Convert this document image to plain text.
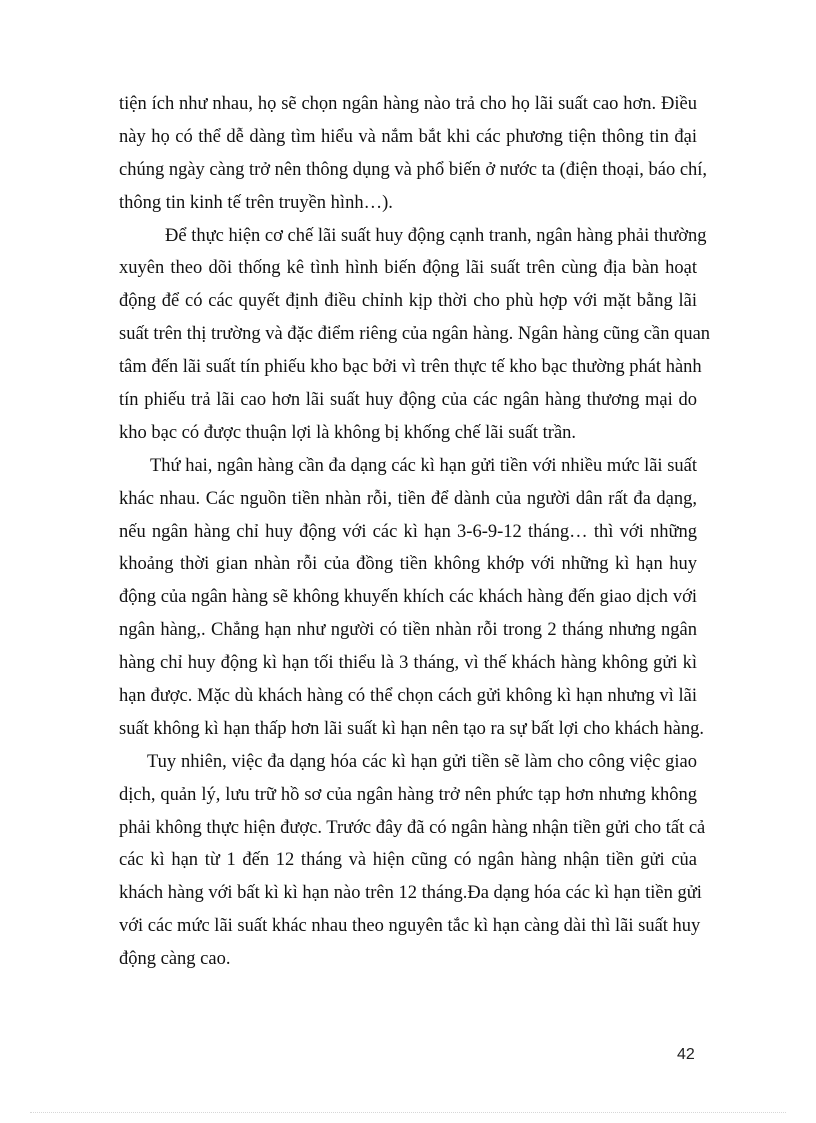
tiện ích như nhau, họ sẽ chọn ngân hàng nào trả cho họ lãi suất cao hơn. Điều
này họ có thể dễ dàng tìm hiểu và nắm bắt khi các phương tiện thông tin đại
chúng ngày càng trở nên thông dụng và phổ biến ở nước ta (điện thoại, báo chí,
thông tin kinh tế trên truyền hình…).
Để thực hiện cơ chế lãi suất huy động cạnh tranh, ngân hàng phải thường
xuyên theo dõi thống kê tình hình biến động lãi suất trên cùng địa bàn hoạt
động để có các quyết định điều chỉnh kịp thời cho phù hợp với mặt bằng lãi
suất trên thị trường và đặc điểm riêng của ngân hàng. Ngân hàng cũng cần quan
tâm đến lãi suất tín phiếu kho bạc bởi vì trên thực tế kho bạc thường phát hành
tín phiếu trả lãi cao hơn lãi suất huy động của các ngân hàng thương mại do
kho bạc có được thuận lợi là không bị khống chế lãi suất trần.
Thứ hai, ngân hàng cần đa dạng các kì hạn gửi tiền với nhiều mức lãi suất
khác nhau. Các nguồn tiền nhàn rỗi, tiền để dành của người dân rất đa dạng,
nếu ngân hàng chỉ huy động với các kì hạn 3-6-9-12 tháng… thì với những
khoảng thời gian nhàn rỗi của đồng tiền không khớp với những kì hạn huy
động của ngân hàng sẽ không khuyến khích các khách hàng đến giao dịch với
ngân hàng,. Chẳng hạn như người có tiền nhàn rỗi trong 2 tháng nhưng ngân
hàng chỉ huy động kì hạn tối thiểu là 3 tháng, vì thế khách hàng không gửi kì
hạn được. Mặc dù khách hàng có thể chọn cách gửi không kì hạn nhưng vì lãi
suất không kì hạn thấp hơn lãi suất kì hạn nên tạo ra sự bất lợi cho khách hàng.
Tuy nhiên, việc đa dạng hóa các kì hạn gửi tiền sẽ làm cho công việc giao
dịch, quản lý, lưu trữ hồ sơ của ngân hàng trở nên phức tạp hơn nhưng không
phải không thực hiện được. Trước đây đã có ngân hàng nhận tiền gửi cho tất cả
các kì hạn từ 1 đến 12 tháng và hiện cũng có ngân hàng nhận tiền gửi của
khách hàng với bất kì kì hạn nào trên 12 tháng.Đa dạng hóa các kì hạn tiền gửi
với các mức lãi suất khác nhau theo nguyên tắc kì hạn càng dài thì lãi suất huy
động càng cao.
42
